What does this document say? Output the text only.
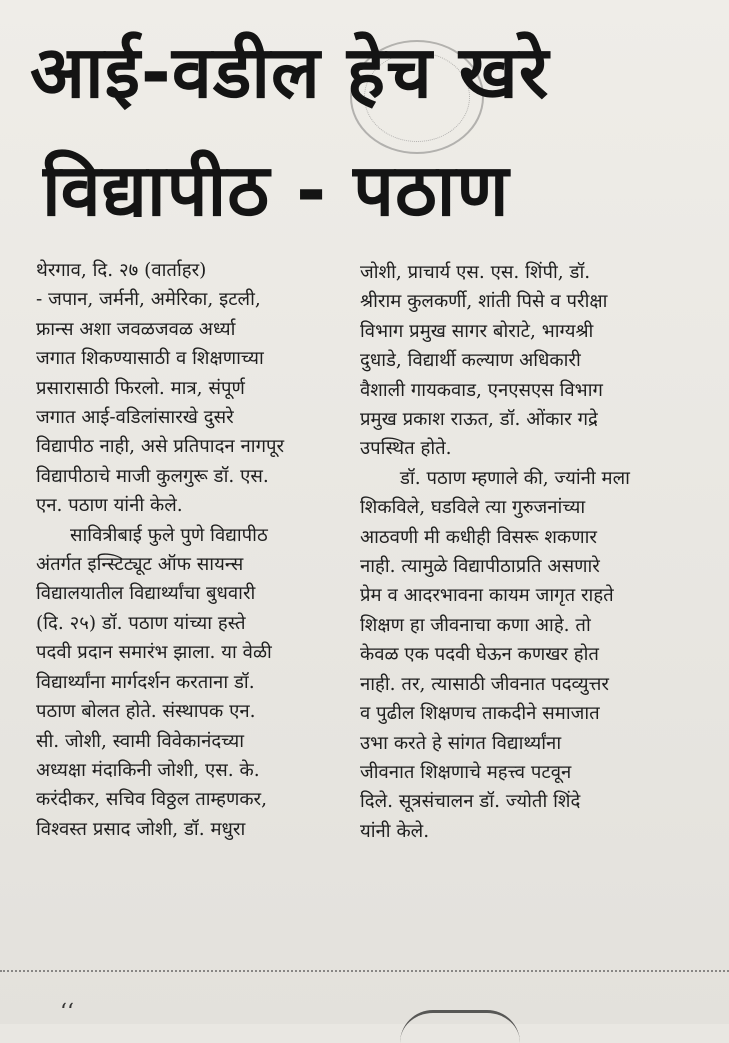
आई-वडील हेच खरे
विद्यापीठ - पठाण
थेरगाव, दि. २७ (वार्ताहर)
- जपान, जर्मनी, अमेरिका, इटली,
फ्रान्स अशा जवळजवळ अर्ध्या
जगात शिकण्यासाठी व शिक्षणाच्या
प्रसारासाठी फिरलो. मात्र, संपूर्ण
जगात आई-वडिलांसारखे दुसरे
विद्यापीठ नाही, असे प्रतिपादन नागपूर
विद्यापीठाचे माजी कुलगुरू डॉ. एस.
एन. पठाण यांनी केले.
सावित्रीबाई फुले पुणे विद्यापीठ
अंतर्गत इन्स्टिट्यूट ऑफ सायन्स
विद्यालयातील विद्यार्थ्यांचा बुधवारी
(दि. २५) डॉ. पठाण यांच्या हस्ते
पदवी प्रदान समारंभ झाला. या वेळी
विद्यार्थ्यांना मार्गदर्शन करताना डॉ.
पठाण बोलत होते. संस्थापक एन.
सी. जोशी, स्वामी विवेकानंदच्या
अध्यक्षा मंदाकिनी जोशी, एस. के.
करंदीकर, सचिव विठ्ठल ताम्हणकर,
विश्वस्त प्रसाद जोशी, डॉ. मधुरा
जोशी, प्राचार्य एस. एस. शिंपी, डॉ.
श्रीराम कुलकर्णी, शांती पिसे व परीक्षा
विभाग प्रमुख सागर बोराटे, भाग्यश्री
दुधाडे, विद्यार्थी कल्याण अधिकारी
वैशाली गायकवाड, एनएसएस विभाग
प्रमुख प्रकाश राऊत, डॉ. ओंकार गद्रे
उपस्थित होते.
डॉ. पठाण म्हणाले की, ज्यांनी मला
शिकविले, घडविले त्या गुरुजनांच्या
आठवणी मी कधीही विसरू शकणार
नाही. त्यामुळे विद्यापीठाप्रति असणारे
प्रेम व आदरभावना कायम जागृत राहते
शिक्षण हा जीवनाचा कणा आहे. तो
केवळ एक पदवी घेऊन कणखर होत
नाही. तर, त्यासाठी जीवनात पदव्युत्तर
व पुढील शिक्षणच ताकदीने समाजात
उभा करते हे सांगत विद्यार्थ्यांना
जीवनात शिक्षणाचे महत्त्व पटवून
दिले. सूत्रसंचालन डॉ. ज्योती शिंदे
यांनी केले.
‘‘
